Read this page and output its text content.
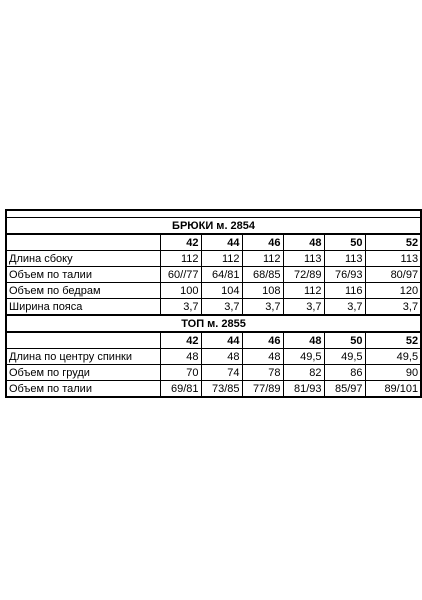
БРЮКИ м. 2854						
	42	44	46	48	50	52
Длина сбоку	112	112	112	113	113	113
Объем по талии	60//77	64/81	68/85	72/89	76/93	80/97
Объем по бедрам	100	104	108	112	116	120
Ширина пояса	3,7	3,7	3,7	3,7	3,7	3,7
ТОП м. 2855						
	42	44	46	48	50	52
Длина по центру спинки	48	48	48	49,5	49,5	49,5
Объем по груди	70	74	78	82	86	90
Объем по талии	69/81	73/85	77/89	81/93	85/97	89/101
